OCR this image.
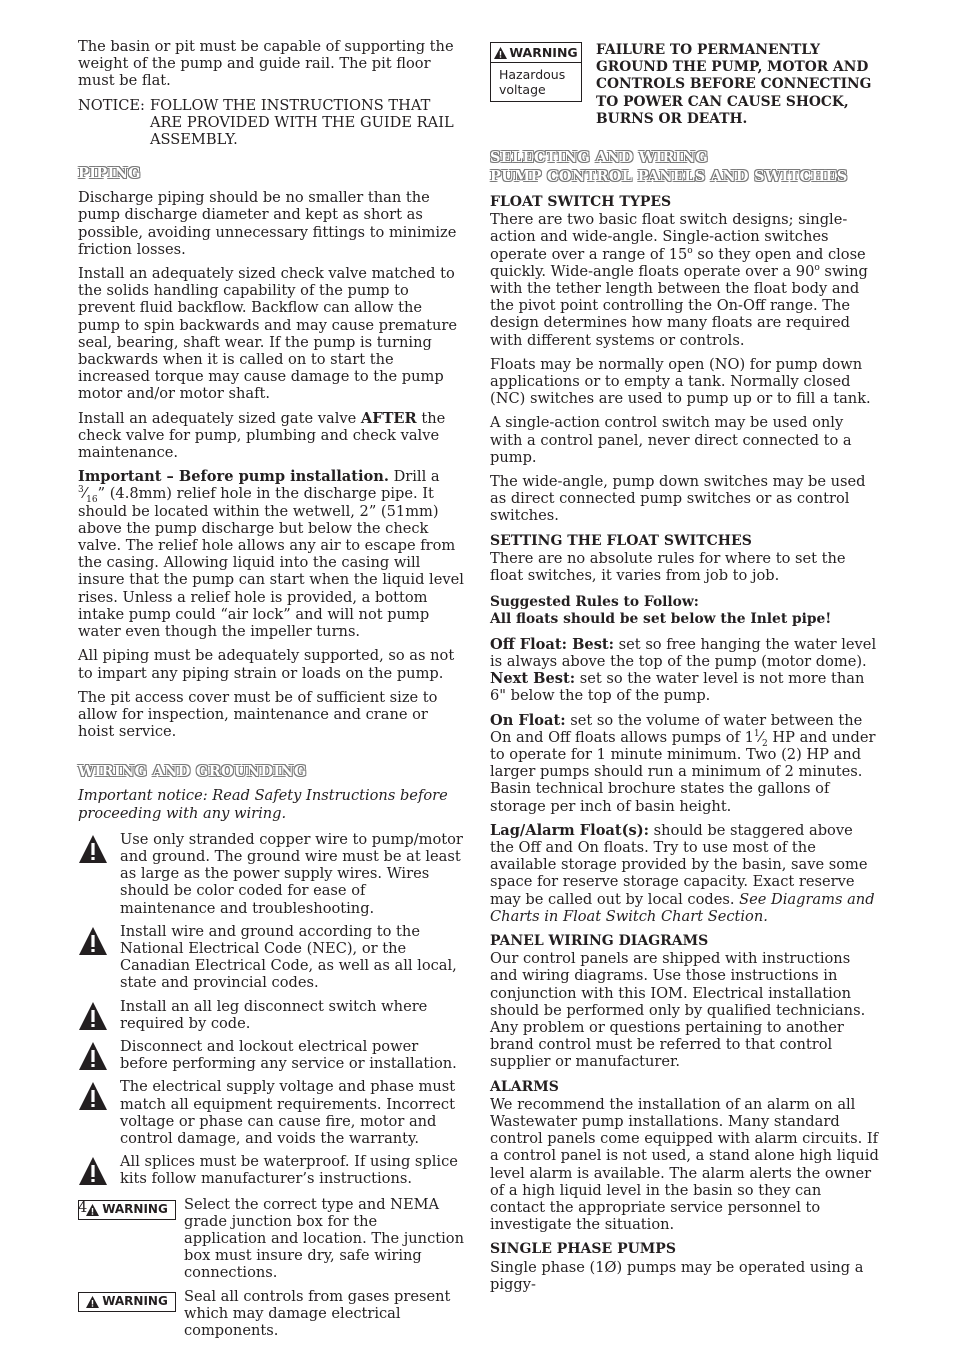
The basin or pit must be capable of supporting the weight of the pump and guide rail. The pit floor must be flat.

NOTICE: FOLLOW THE INSTRUCTIONS THAT ARE PROVIDED WITH THE GUIDE RAIL ASSEMBLY.
PIPING

Discharge piping should be no smaller than the pump discharge diameter and kept as short as possible, avoiding unnecessary fittings to minimize friction losses.

Install an adequately sized check valve matched to the solids handling capability of the pump to prevent fluid backflow. Backflow can allow the pump to spin backwards and may cause premature seal, bearing, shaft wear. If the pump is turning backwards when it is called on to start the increased torque may cause damage to the pump motor and/or motor shaft.

Install an adequately sized gate valve AFTER the check valve for pump, plumbing and check valve maintenance.

Important – Before pump installation. Drill a $^3⁄_{16}$” (4.8mm) relief hole in the discharge pipe. It should be located within the wetwell, 2” (51mm) above the pump discharge but below the check valve. The relief hole allows any air to escape from the casing. Allowing liquid into the casing will insure that the pump can start when the liquid level rises. Unless a relief hole is provided, a bottom intake pump could “air lock” and will not pump water even though the impeller turns.

All piping must be adequately supported, so as not to impart any piping strain or loads on the pump.

The pit access cover must be of sufficient size to allow for inspection, maintenance and crane or hoist service.

WIRING AND GROUNDING

Important notice: Read Safety Instructions before proceeding with any wiring.

Use only stranded copper wire to pump/motor and ground. The ground wire must be at least as large as the power supply wires. Wires should be color coded for ease of maintenance and troubleshooting.
Install wire and ground according to the National Electrical Code (NEC), or the Canadian Electrical Code, as well as all local, state and provincial codes.
Install an all leg disconnect switch where required by code.
Disconnect and lockout electrical power before performing any service or installation.
The electrical supply voltage and phase must match all equipment requirements. Incorrect voltage or phase can cause fire, motor and control damage, and voids the warranty.
All splices must be waterproof. If using splice kits follow manufacturer’s instructions.
WARNING Select the correct type and NEMA grade junction box for the application and location. The junction box must insure dry, safe wiring connections.
WARNING Seal all controls from gases present which may damage electrical components.
WARNING
Hazardous voltage
FAILURE TO PERMANENTLY GROUND THE PUMP, MOTOR AND CONTROLS BEFORE CONNECTING TO POWER CAN CAUSE SHOCK, BURNS OR DEATH.
SELECTING AND WIRING
PUMP CONTROL PANELS AND SWITCHES
FLOAT SWITCH TYPES

There are two basic float switch designs; single-action and wide-angle. Single-action switches operate over a range of 15$^o$ so they open and close quickly. Wide-angle floats operate over a 90$^o$ swing with the tether length between the float body and the pivot point controlling the On-Off range. The design determines how many floats are required with different systems or controls.

Floats may be normally open (NO) for pump down applications or to empty a tank. Normally closed (NC) switches are used to pump up or to fill a tank.

A single-action control switch may be used only with a control panel, never direct connected to a pump.

The wide-angle, pump down switches may be used as direct connected pump switches or as control switches.

SETTING THE FLOAT SWITCHES

There are no absolute rules for where to set the float switches, it varies from job to job.

Suggested Rules to Follow:
All floats should be set below the Inlet pipe!

Off Float: Best: set so free hanging the water level is always above the top of the pump (motor dome). Next Best: set so the water level is not more than 6" below the top of the pump.

On Float: set so the volume of water between the On and Off floats allows pumps of $1^1⁄_2$ HP and under to operate for 1 minute minimum. Two (2) HP and larger pumps should run a minimum of 2 minutes. Basin technical brochure states the gallons of storage per inch of basin height.

Lag/Alarm Float(s): should be staggered above the Off and On floats. Try to use most of the available storage provided by the basin, save some space for reserve storage capacity. Exact reserve may be called out by local codes. See Diagrams and Charts in Float Switch Chart Section.

PANEL WIRING DIAGRAMS

Our control panels are shipped with instructions and wiring diagrams. Use those instructions in conjunction with this IOM. Electrical installation should be performed only by qualified technicians. Any problem or questions pertaining to another brand control must be referred to that control supplier or manufacturer.

ALARMS

We recommend the installation of an alarm on all Wastewater pump installations. Many standard control panels come equipped with alarm circuits. If a control panel is not used, a stand alone high liquid level alarm is available. The alarm alerts the owner of a high liquid level in the basin so they can contact the appropriate service personnel to investigate the situation.

SINGLE PHASE PUMPS

Single phase (1Ø) pumps may be operated using a piggy-

4
